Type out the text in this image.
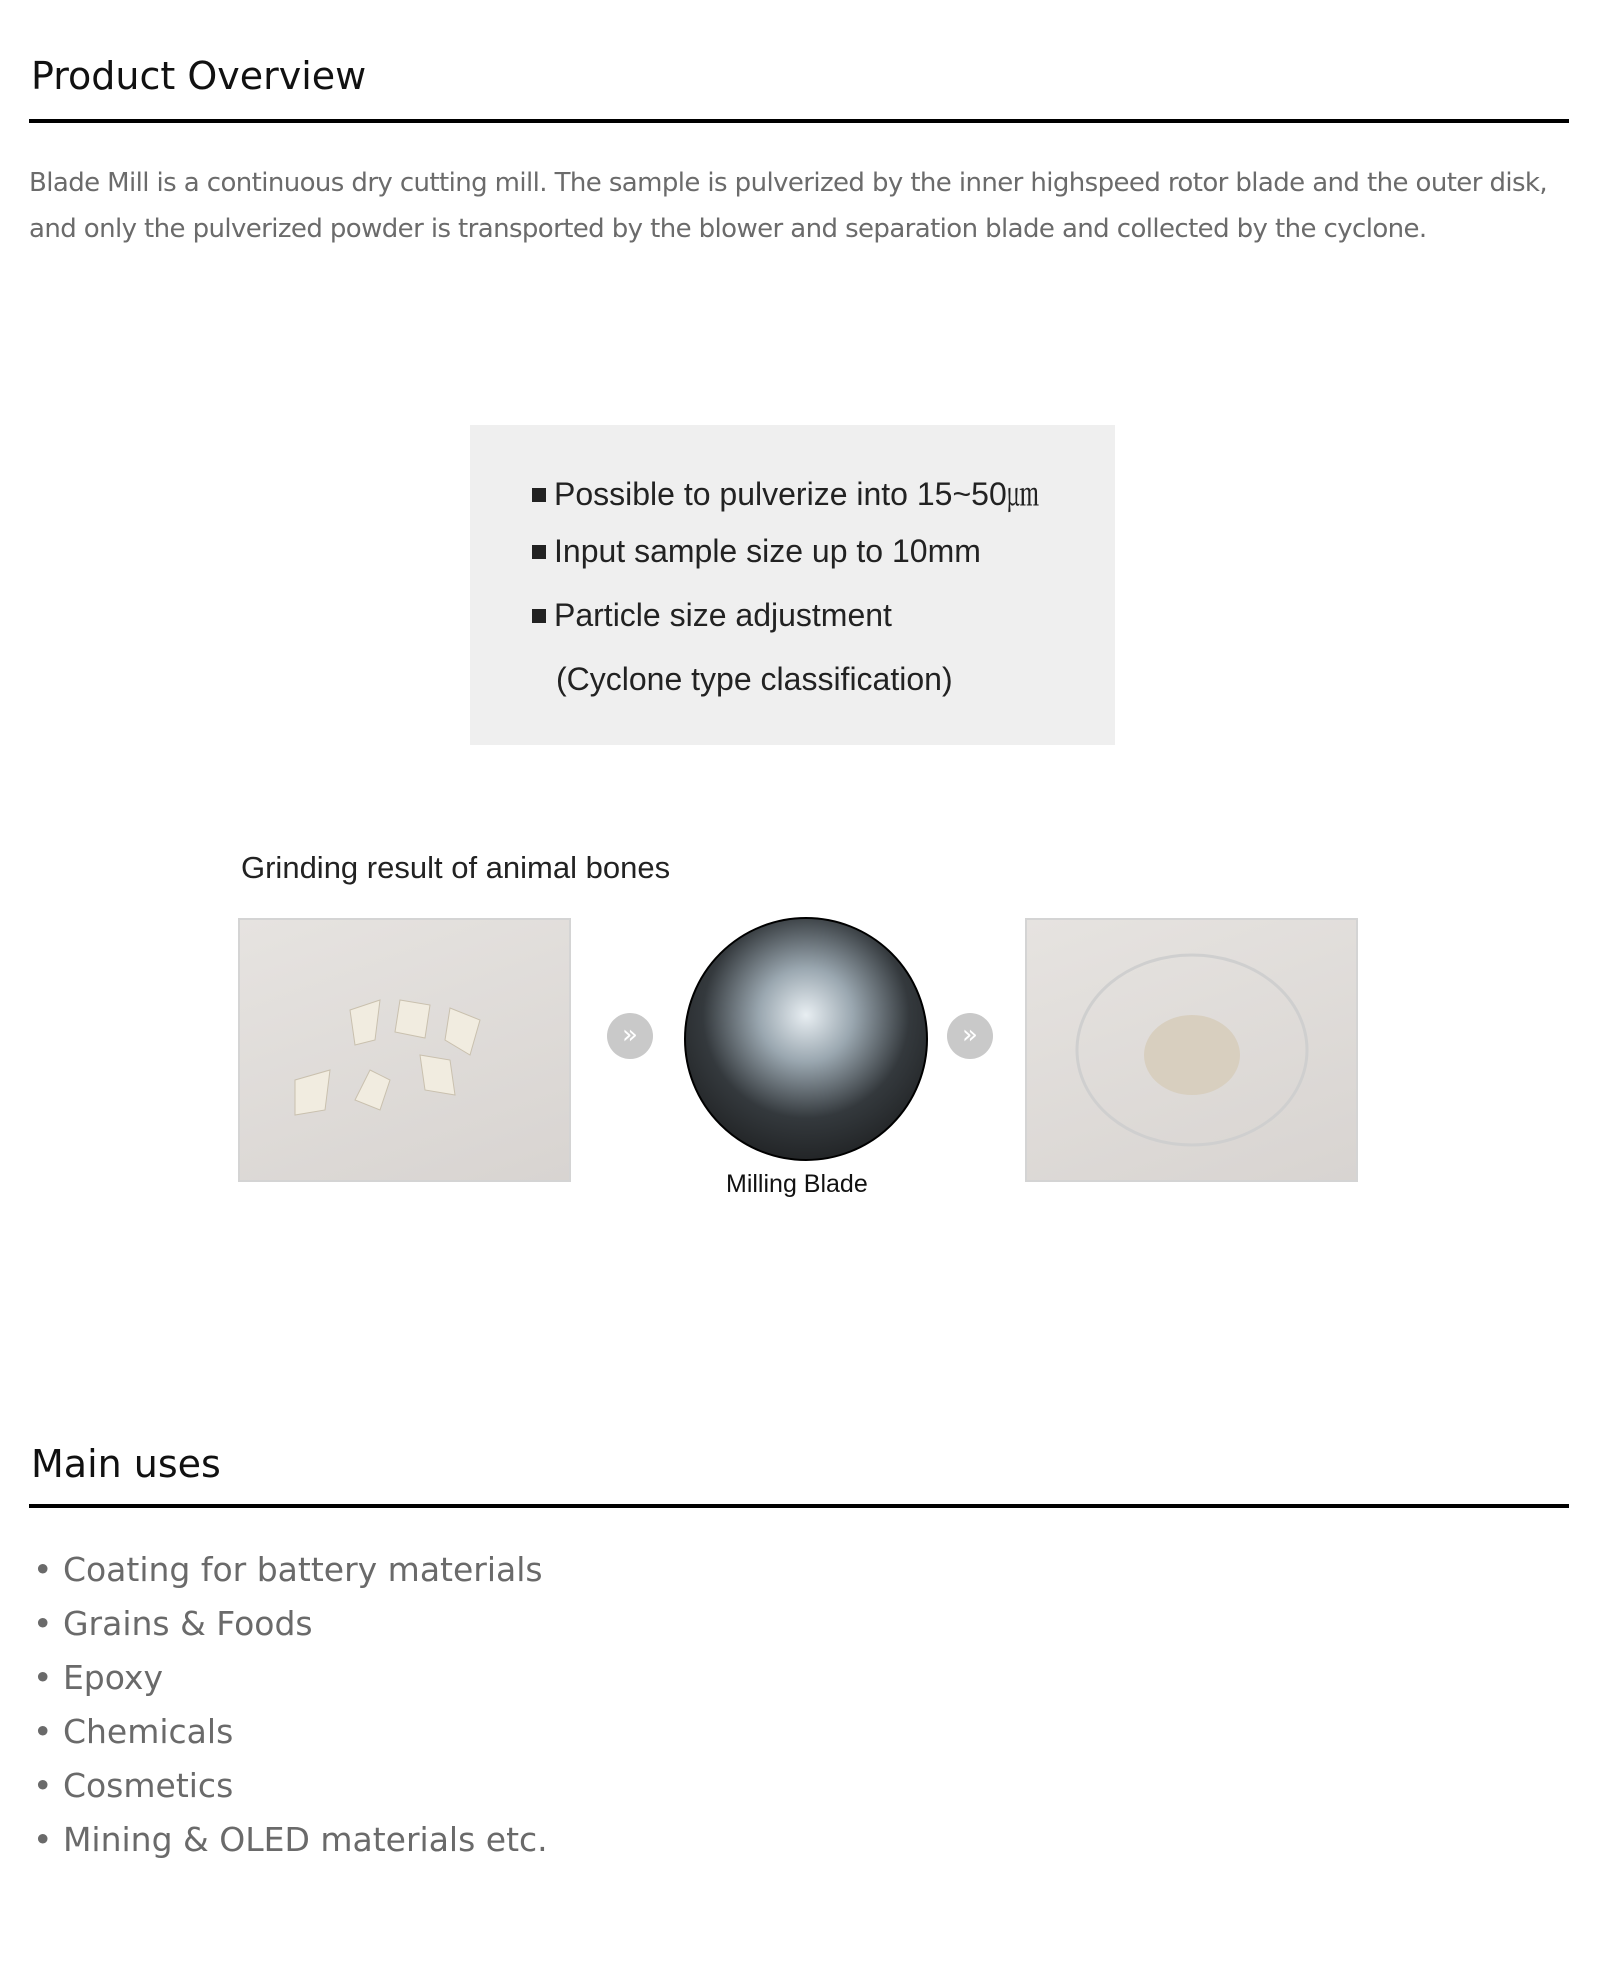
Product Overview
Blade Mill is a continuous dry cutting mill. The sample is pulverized by the inner highspeed rotor blade and the outer disk, and only the pulverized powder is transported by the blower and separation blade and collected by the cyclone.
Possible to pulverize into 15~50㎛
Input sample size up to 10mm
Particle size adjustment
(Cyclone type classification)
Grinding result of animal bones
»	»
Milling Blade
Main uses
• Coating for battery materials
• Grains & Foods
• Epoxy
• Chemicals
• Cosmetics
• Mining & OLED materials etc.
